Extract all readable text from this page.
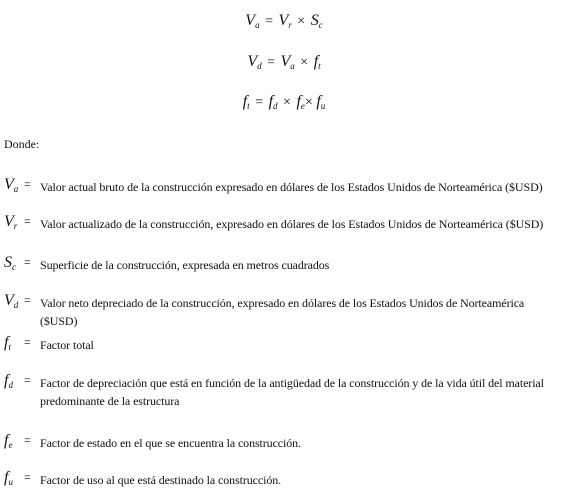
$V_a = V_r \times S_c$
$V_d = V_a \times f_t$
$f_t = f_d \times f_e\times f_u$
Donde:
$V_a$ = Valor actual bruto de la construcción expresado en dólares de los Estados Unidos de Norteamérica ($USD)
$V_r$ = Valor actualizado de la construcción, expresado en dólares de los Estados Unidos de Norteamérica ($USD)
$S_c$ = Superficie de la construcción, expresada en metros cuadrados
$V_d$ = Valor neto depreciado de la construcción, expresado en dólares de los Estados Unidos de Norteamérica ($USD)
$f_t$	= Factor total
$f_d$ = Factor de depreciación que está en función de la antigüedad de la construcción y de la vida útil del material predominante de la estructura
$f_e$ = Factor de estado en el que se encuentra la construcción.
$f_u$ = Factor de uso al que está destinado la construcción.
